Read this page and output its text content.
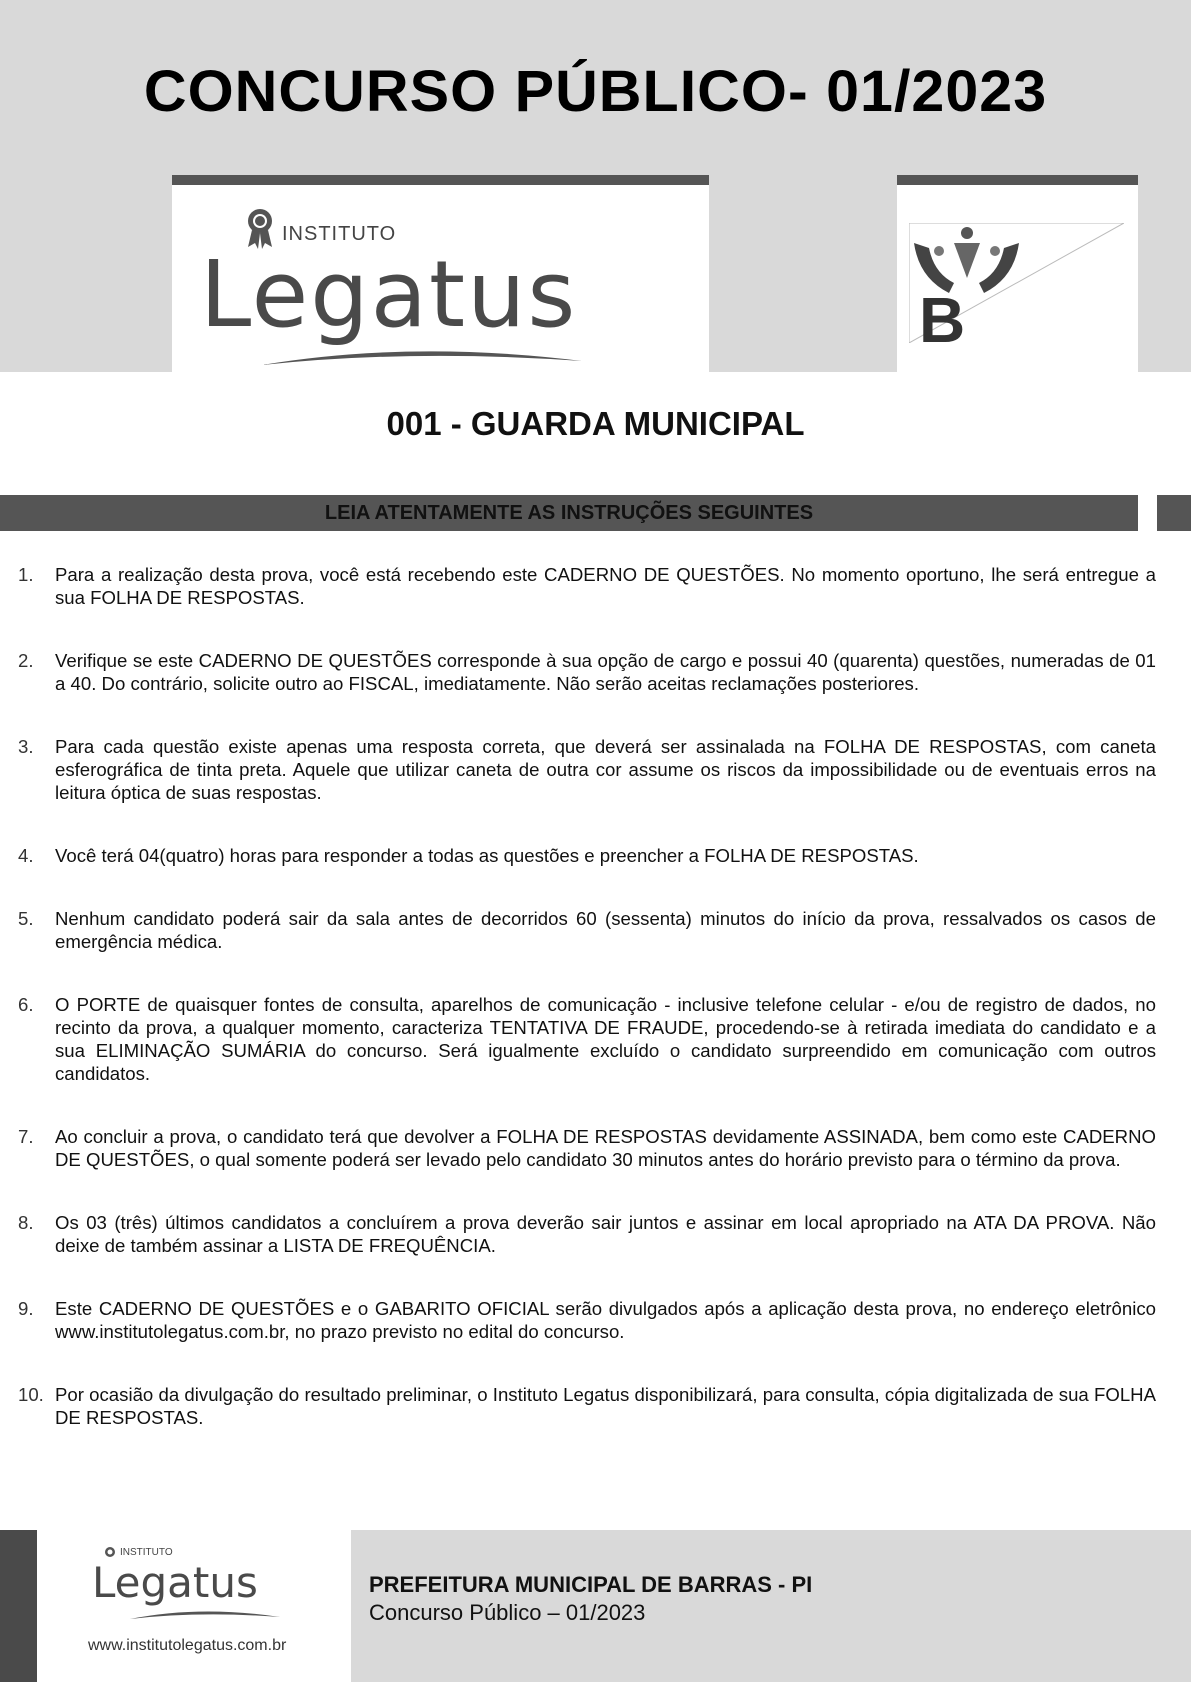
CONCURSO PÚBLICO- 01/2023
INSTITUTO
Legatus	B
001 - GUARDA MUNICIPAL
LEIA ATENTAMENTE AS INSTRUÇÕES SEGUINTES
1.	Para a realização desta prova, você está recebendo este CADERNO DE QUESTÕES. No momento oportuno, lhe será entregue a sua FOLHA DE RESPOSTAS.
2.	Verifique se este CADERNO DE QUESTÕES corresponde à sua opção de cargo e possui 40 (quarenta) questões, numeradas de 01 a 40. Do contrário, solicite outro ao FISCAL, imediatamente. Não serão aceitas reclamações posteriores.
3.	Para cada questão existe apenas uma resposta correta, que deverá ser assinalada na FOLHA DE RESPOSTAS, com caneta esferográfica de tinta preta. Aquele que utilizar caneta de outra cor assume os riscos da impossibilidade ou de eventuais erros na leitura óptica de suas respostas.
4.	Você terá 04(quatro) horas para responder a todas as questões e preencher a FOLHA DE RESPOSTAS.
5.	Nenhum candidato poderá sair da sala antes de decorridos 60 (sessenta) minutos do início da prova, ressalvados os casos de emergência médica.
6.	O PORTE de quaisquer fontes de consulta, aparelhos de comunicação - inclusive telefone celular - e/ou de registro de dados, no recinto da prova, a qualquer momento, caracteriza TENTATIVA DE FRAUDE, procedendo-se à retirada imediata do candidato e a sua ELIMINAÇÃO SUMÁRIA do concurso. Será igualmente excluído o candidato surpreendido em comunicação com outros candidatos.
7.	Ao concluir a prova, o candidato terá que devolver a FOLHA DE RESPOSTAS devidamente ASSINADA, bem como este CADERNO DE QUESTÕES, o qual somente poderá ser levado pelo candidato 30 minutos antes do horário previsto para o término da prova.
8.	Os 03 (três) últimos candidatos a concluírem a prova deverão sair juntos e assinar em local apropriado na ATA DA PROVA. Não deixe de também assinar a LISTA DE FREQUÊNCIA.
9.	Este CADERNO DE QUESTÕES e o GABARITO OFICIAL serão divulgados após a aplicação desta prova, no endereço eletrônico www.institutolegatus.com.br, no prazo previsto no edital do concurso.
10. Por ocasião da divulgação do resultado preliminar, o Instituto Legatus disponibilizará, para consulta, cópia digitalizada de sua FOLHA DE RESPOSTAS.
INSTITUTO
Legatus
www.institutolegatus.com.br
PREFEITURA MUNICIPAL DE BARRAS - PI
Concurso Público – 01/2023
